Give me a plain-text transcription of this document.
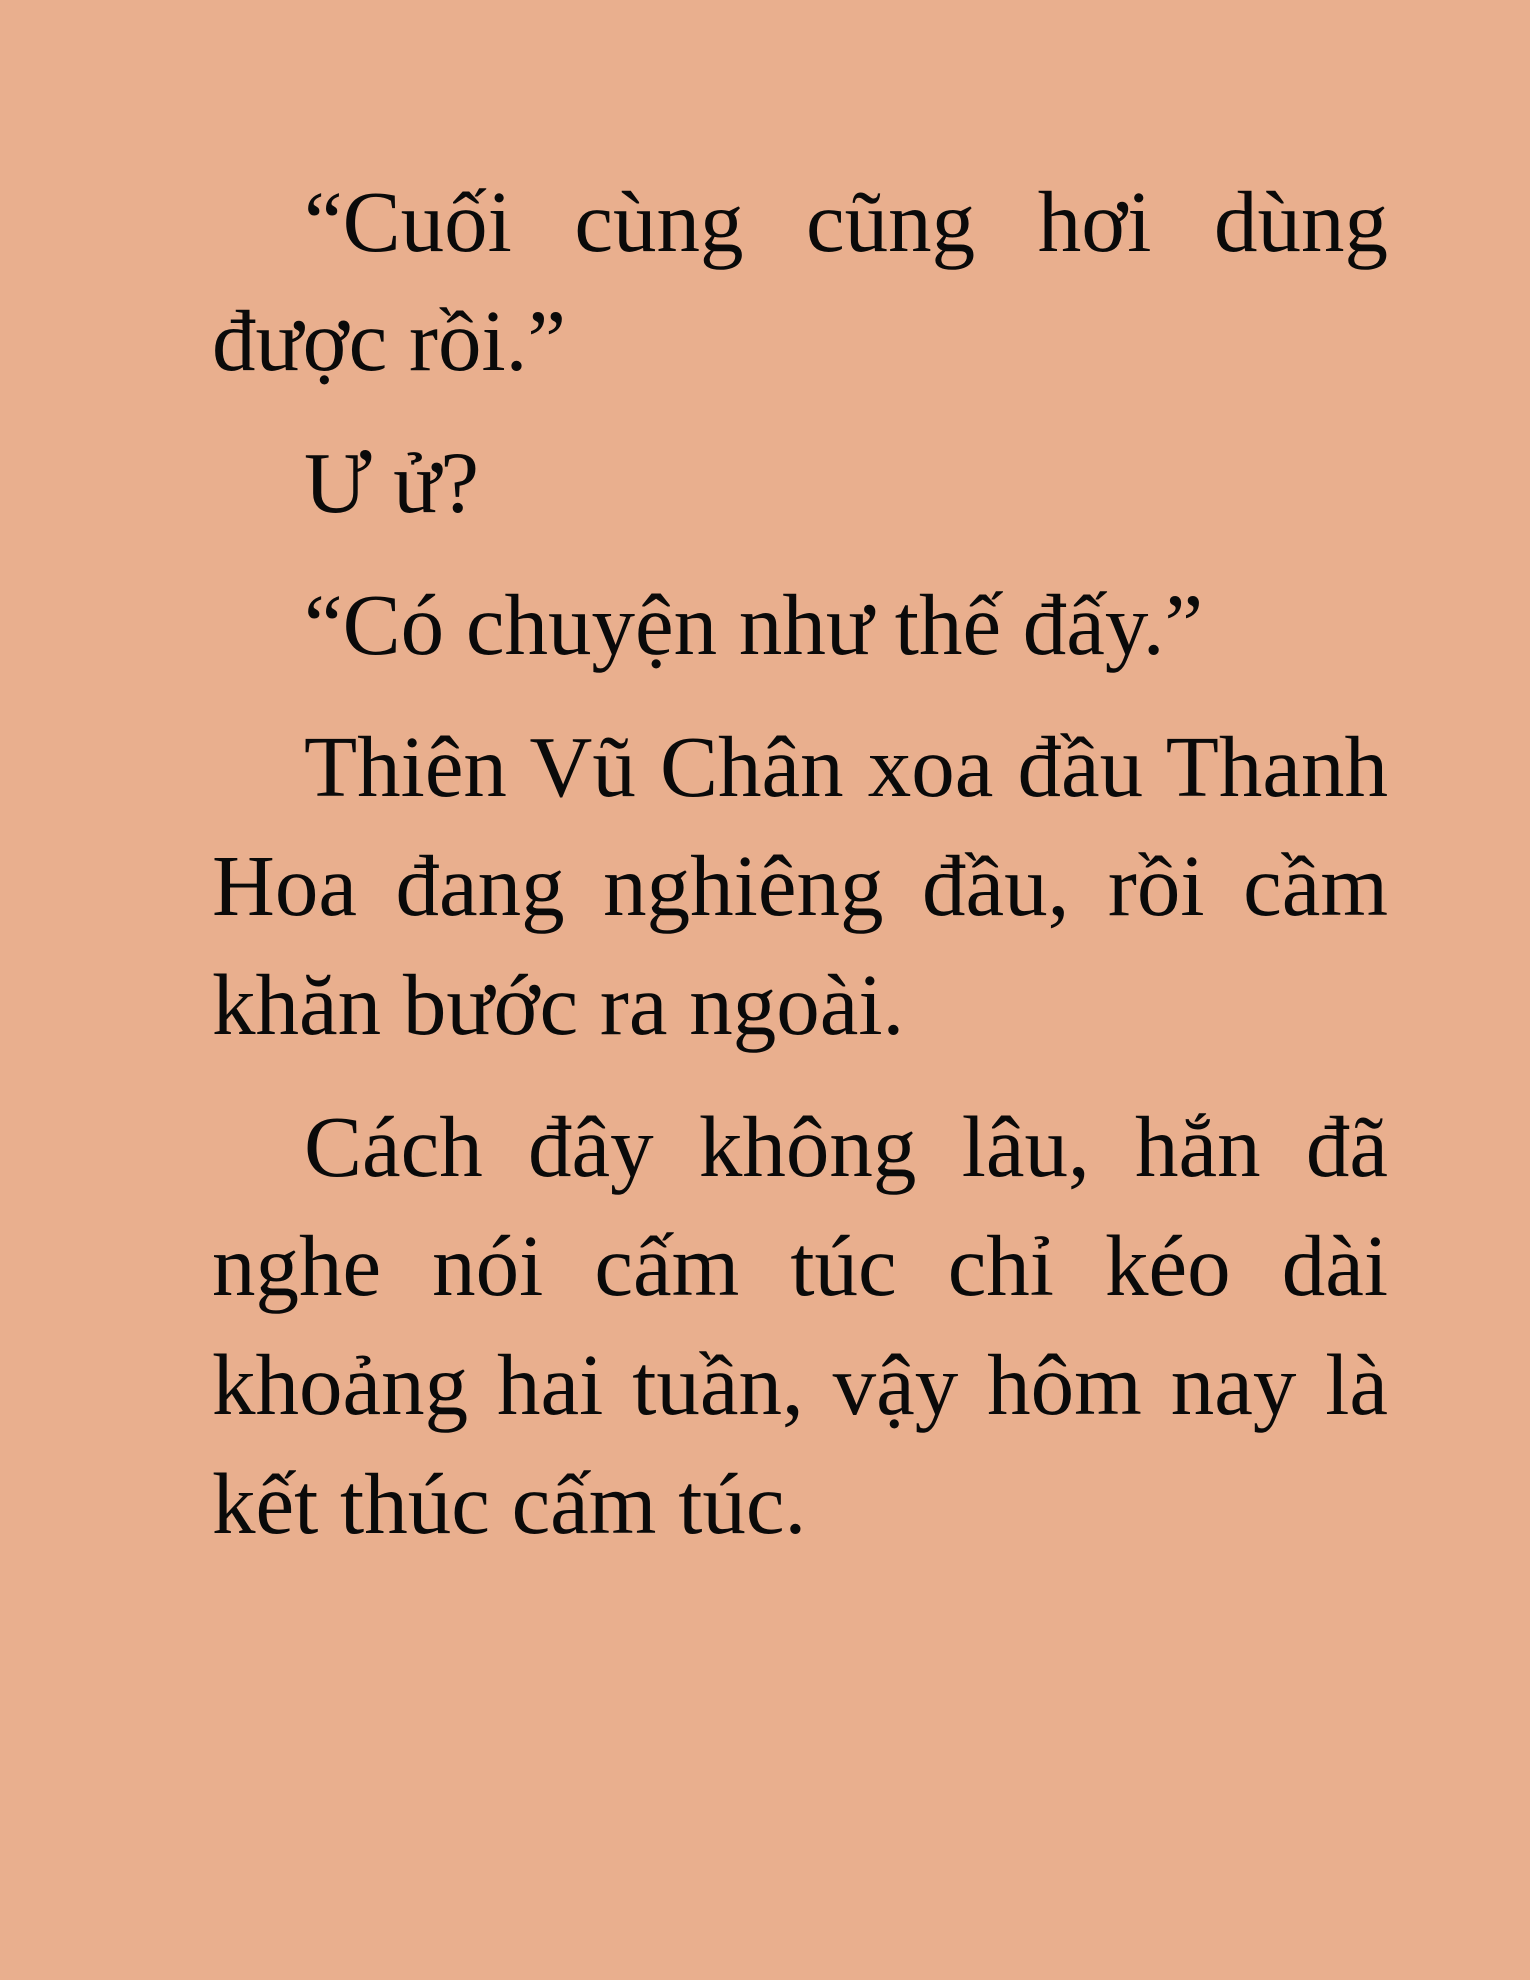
“Cuối cùng cũng hơi dùng được rồi.”

Ư ử?

“Có chuyện như thế đấy.”

Thiên Vũ Chân xoa đầu Thanh Hoa đang nghiêng đầu, rồi cầm khăn bước ra ngoài.

Cách đây không lâu, hắn đã nghe nói cấm túc chỉ kéo dài khoảng hai tuần, vậy hôm nay là kết thúc cấm túc.
